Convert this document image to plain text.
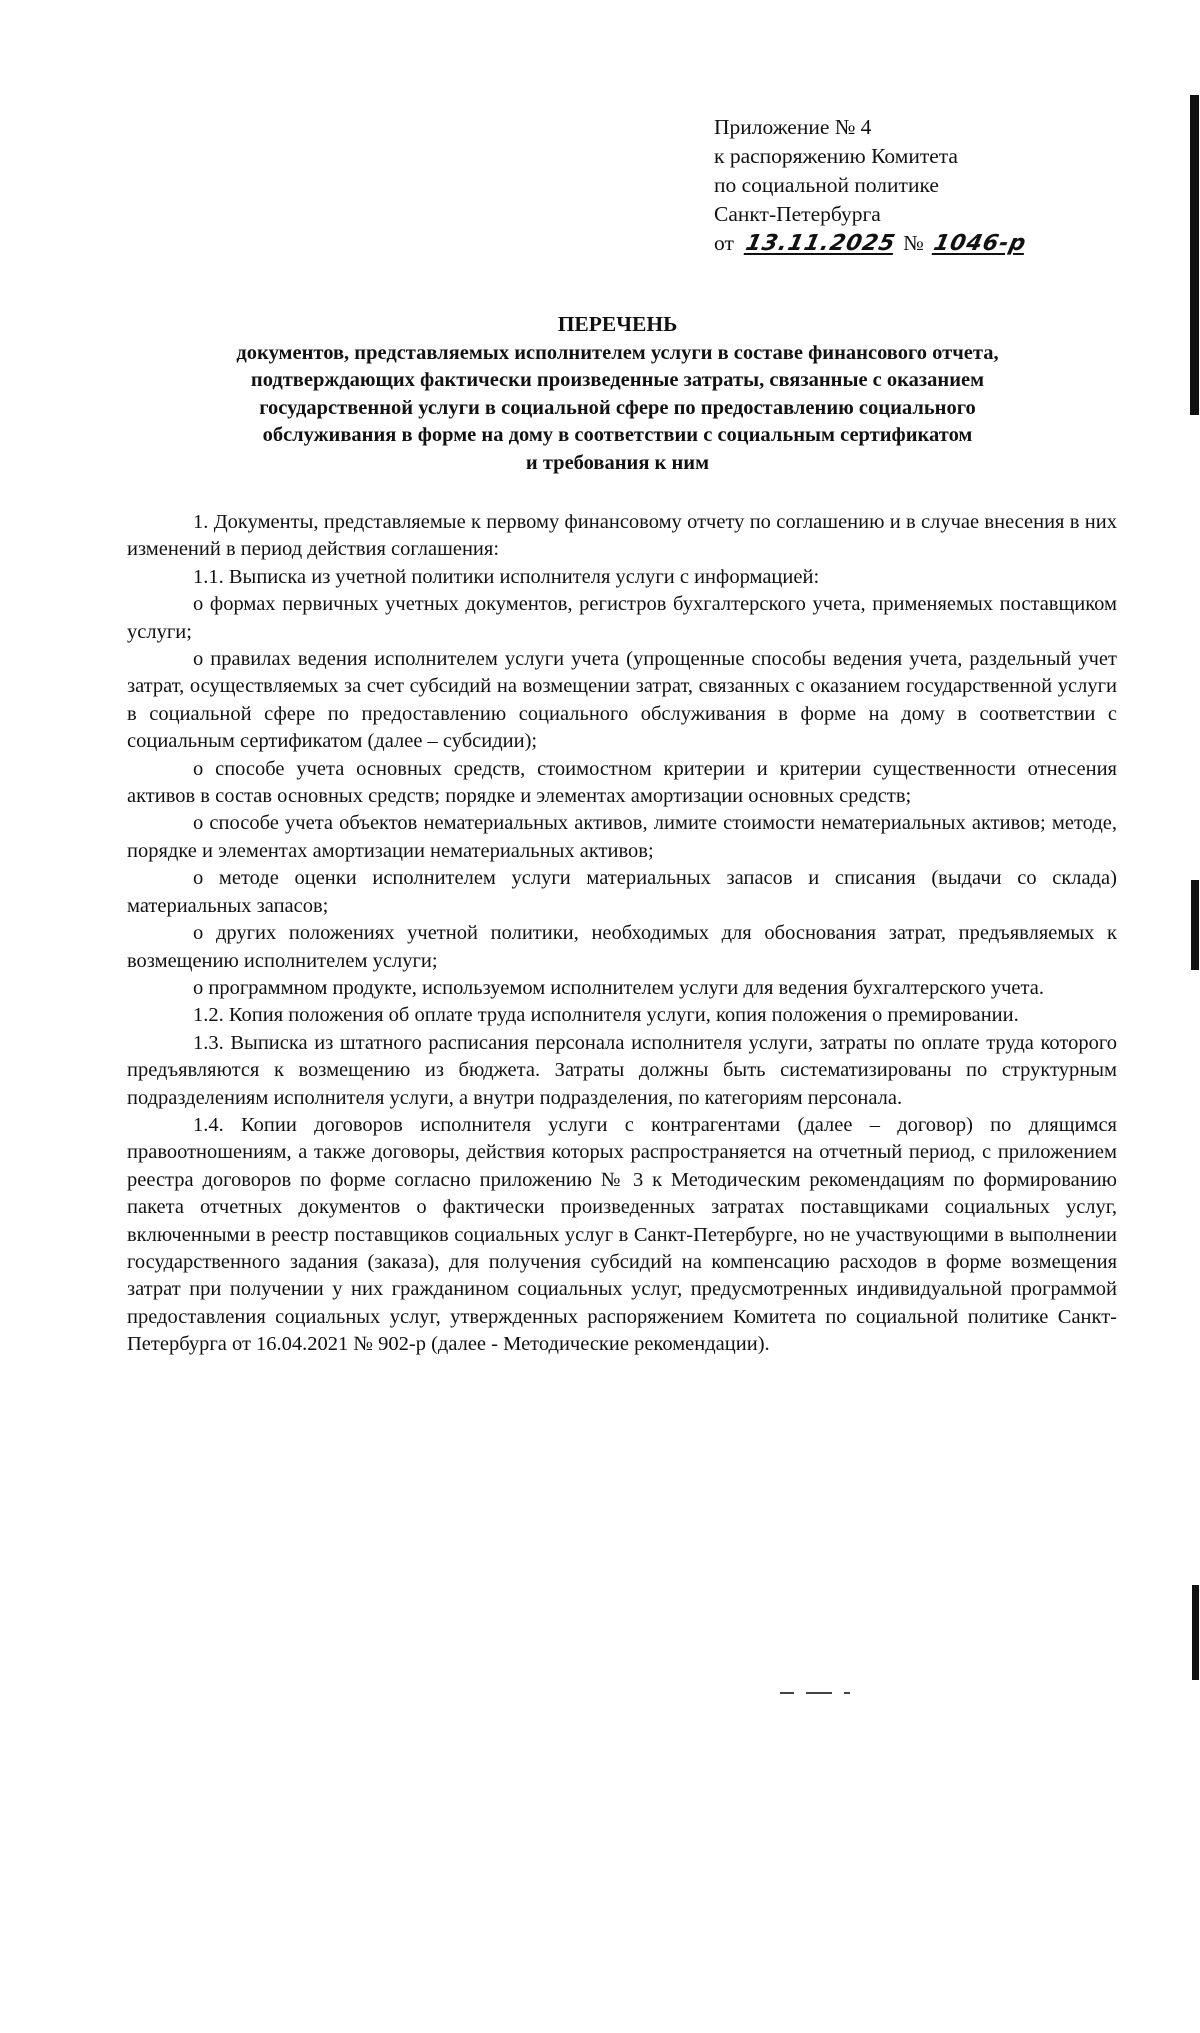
Приложение № 4
к распоряжению Комитета
по социальной политике
Санкт-Петербурга
от 13.11.2025 № 1046-р
ПЕРЕЧЕНЬ
документов, представляемых исполнителем услуги в составе финансового отчета,
подтверждающих фактически произведенные затраты, связанные с оказанием
государственной услуги в социальной сфере по предоставлению социального
обслуживания в форме на дому в соответствии с социальным сертификатом
и требования к ним

1. Документы, представляемые к первому финансовому отчету по соглашению и в случае внесения в них изменений в период действия соглашения:

1.1. Выписка из учетной политики исполнителя услуги с информацией:

о формах первичных учетных документов, регистров бухгалтерского учета, применяемых поставщиком услуги;

о правилах ведения исполнителем услуги учета (упрощенные способы ведения учета, раздельный учет затрат, осуществляемых за счет субсидий на возмещении затрат, связанных с оказанием государственной услуги в социальной сфере по предоставлению социального обслуживания в форме на дому в соответствии с социальным сертификатом (далее – субсидии);

о способе учета основных средств, стоимостном критерии и критерии существенности отнесения активов в состав основных средств; порядке и элементах амортизации основных средств;

о способе учета объектов нематериальных активов, лимите стоимости нематериальных активов; методе, порядке и элементах амортизации нематериальных активов;

о методе оценки исполнителем услуги материальных запасов и списания (выдачи со склада) материальных запасов;

о других положениях учетной политики, необходимых для обоснования затрат, предъявляемых к возмещению исполнителем услуги;

о программном продукте, используемом исполнителем услуги для ведения бухгалтерского учета.

1.2. Копия положения об оплате труда исполнителя услуги, копия положения о премировании.

1.3. Выписка из штатного расписания персонала исполнителя услуги, затраты по оплате труда которого предъявляются к возмещению из бюджета. Затраты должны быть систематизированы по структурным подразделениям исполнителя услуги, а внутри подразделения, по категориям персонала.

1.4. Копии договоров исполнителя услуги с контрагентами (далее – договор) по длящимся правоотношениям, а также договоры, действия которых распространяется на отчетный период, с приложением реестра договоров по форме согласно приложению № 3 к Методическим рекомендациям по формированию пакета отчетных документов о фактически произведенных затратах поставщиками социальных услуг, включенными в реестр поставщиков социальных услуг в Санкт-Петербурге, но не участвующими в выполнении государственного задания (заказа), для получения субсидий на компенсацию расходов в форме возмещения затрат при получении у них гражданином социальных услуг, предусмотренных индивидуальной программой предоставления социальных услуг, утвержденных распоряжением Комитета по социальной политике Санкт-Петербурга от 16.04.2021 № 902-р (далее - Методические рекомендации).
